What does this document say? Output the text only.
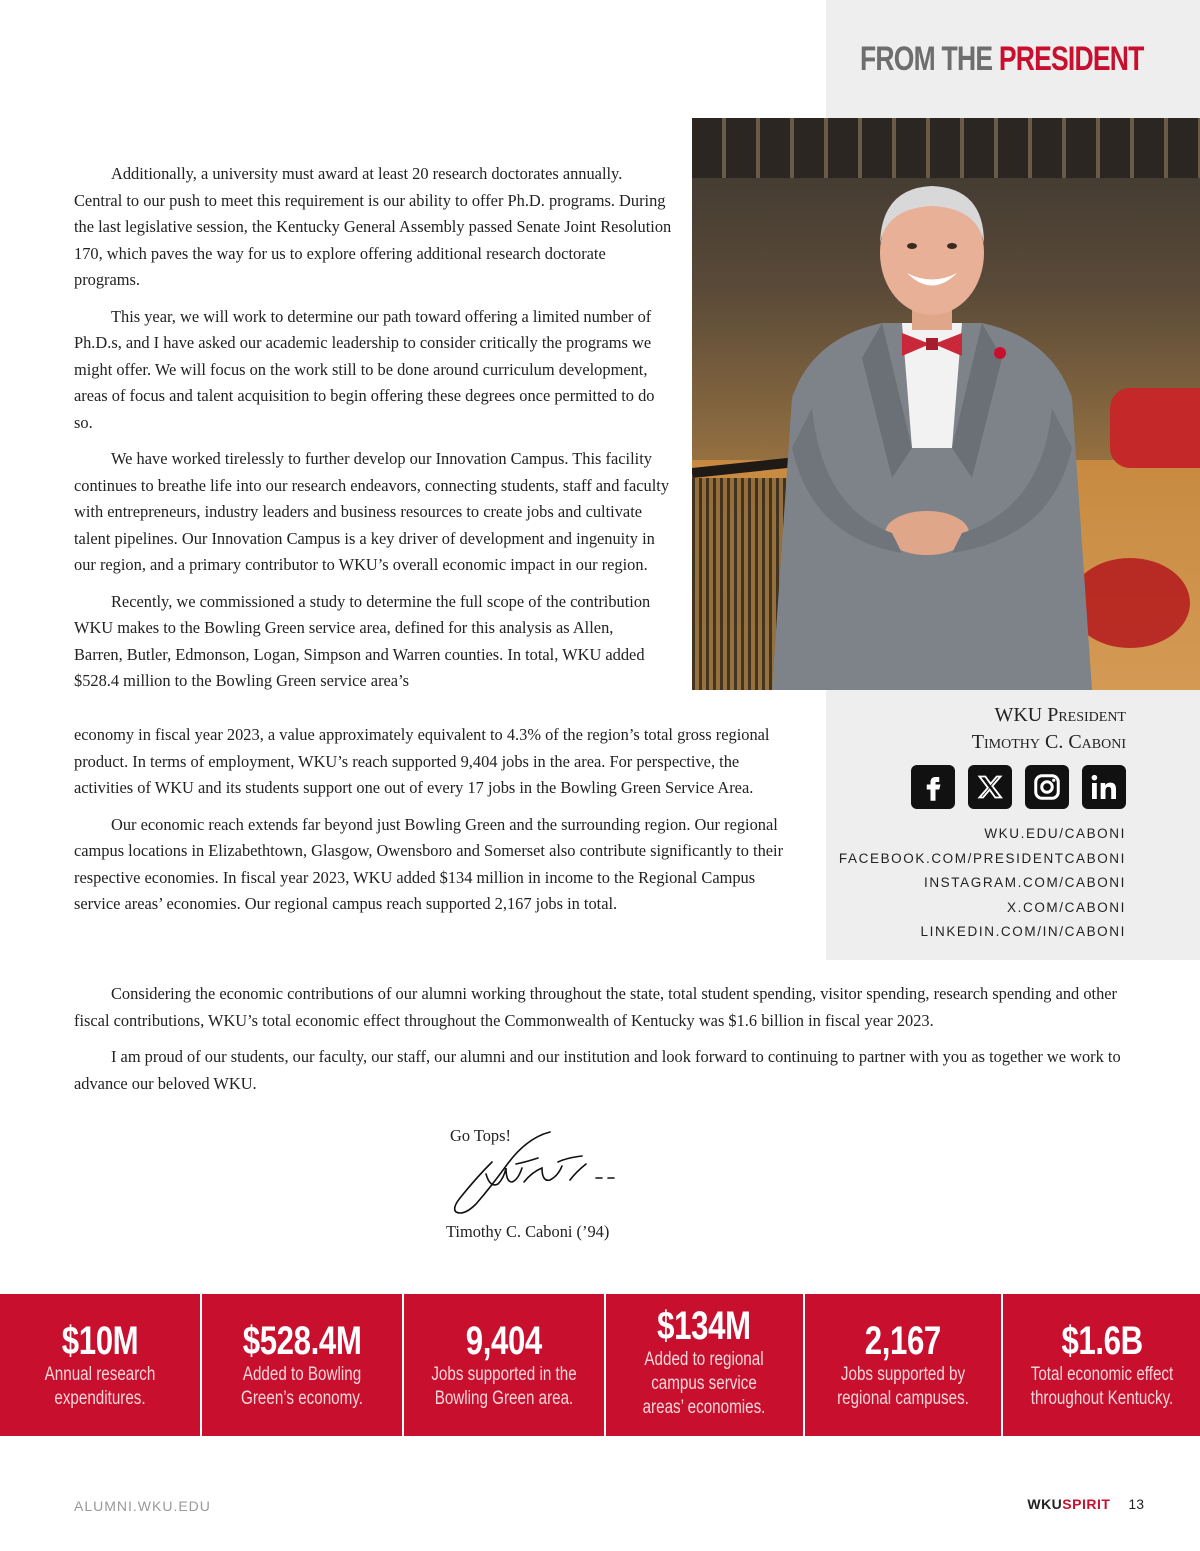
FROM THE PRESIDENT

Additionally, a university must award at least 20 research doctorates annually. Central to our push to meet this requirement is our ability to offer Ph.D. programs. During the last legislative session, the Kentucky General Assembly passed Senate Joint Resolution 170, which paves the way for us to explore offering additional research doctorate programs.

This year, we will work to determine our path toward offering a limited number of Ph.D.s, and I have asked our academic leadership to consider critically the programs we might offer. We will focus on the work still to be done around curriculum development, areas of focus and talent acquisition to begin offering these degrees once permitted to do so.

We have worked tirelessly to further develop our Innovation Campus. This facility continues to breathe life into our research endeavors, connecting students, staff and faculty with entrepreneurs, industry leaders and business resources to create jobs and cultivate talent pipelines. Our Innovation Campus is a key driver of development and ingenuity in our region, and a primary contributor to WKU’s overall economic impact in our region.

Recently, we commissioned a study to determine the full scope of the contribution WKU makes to the Bowling Green service area, defined for this analysis as Allen, Barren, Butler, Edmonson, Logan, Simpson and Warren counties. In total, WKU added $528.4 million to the Bowling Green service area’s

economy in fiscal year 2023, a value approximately equivalent to 4.3% of the region’s total gross regional product. In terms of employment, WKU’s reach supported 9,404 jobs in the area. For perspective, the activities of WKU and its students support one out of every 17 jobs in the Bowling Green Service Area.

Our economic reach extends far beyond just Bowling Green and the surrounding region. Our regional campus locations in Elizabethtown, Glasgow, Owensboro and Somerset also contribute significantly to their respective economies. In fiscal year 2023, WKU added $134 million in income to the Regional Campus service areas’ economies. Our regional campus reach supported 2,167 jobs in total.

Considering the economic contributions of our alumni working throughout the state, total student spending, visitor spending, research spending and other fiscal contributions, WKU’s total economic effect throughout the Commonwealth of Kentucky was $1.6 billion in fiscal year 2023.

I am proud of our students, our faculty, our staff, our alumni and our institution and look forward to continuing to partner with you as together we work to advance our beloved WKU.

WKU President
Timothy C. Caboni
WKU.EDU/CABONI
FACEBOOK.COM/PRESIDENTCABONI
INSTAGRAM.COM/CABONI
X.COM/CABONI
LINKEDIN.COM/IN/CABONI
Go Tops!
Timothy C. Caboni (’94)
$10M
Annual research expenditures.
$528.4M
Added to Bowling Green’s economy.
9,404
Jobs supported in the Bowling Green area.
$134M
Added to regional campus service areas’ economies.
2,167
Jobs supported by regional campuses.
$1.6B
Total economic effect throughout Kentucky.
ALUMNI.WKU.EDU	WKUSPIRIT 13
